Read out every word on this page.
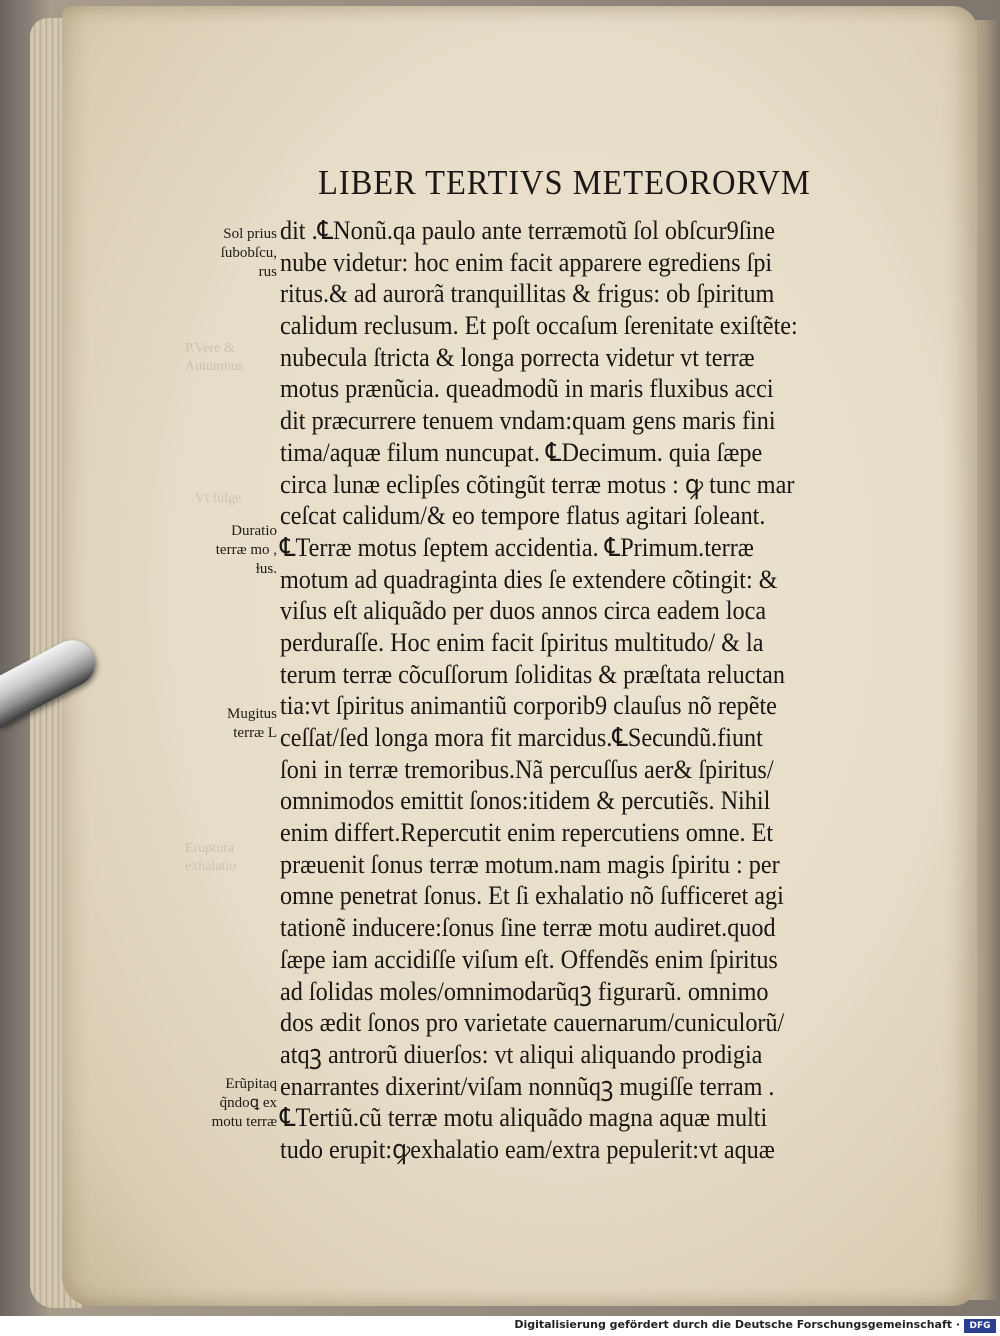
P.Vere &
Autumnus
Vt fulge
Eruptura
exhalatio
LIBER TERTIVS METEORORVM
dit .℄Nonũ.qa paulo ante terræmotũ ſol obſcur9ſine
nube videtur: hoc enim facit apparere egrediens ſpi
ritus.& ad aurorã tranquillitas & frigus: ob ſpiritum
calidum reclusum. Et poſt occaſum ſerenitate exiſtẽte:
nubecula ſtricta & longa porrecta videtur vt terræ
motus prænũcia. queadmodũ in maris fluxibus acci
dit præcurrere tenuem vndam:quam gens maris fini
tima/aquæ filum nuncupat. ℄Decimum. quia ſæpe
circa lunæ eclipſes cõtingũt terræ motus : ꝙ tunc mar
ceſcat calidum/& eo tempore flatus agitari ſoleant.
℄Terræ motus ſeptem accidentia. ℄Primum.terræ
motum ad quadraginta dies ſe extendere cõtingit: &
viſus eſt aliquãdo per duos annos circa eadem loca
perduraſſe. Hoc enim facit ſpiritus multitudo/ & la
terum terræ cõcuſſorum ſoliditas & præſtata reluctan
tia:vt ſpiritus animantiũ corporib9 clauſus nõ repẽte
ceſſat/ſed longa mora fit marcidus.℄Secundũ.fiunt
ſoni in terræ tremoribus.Nã percuſſus aer& ſpiritus/
omnimodos emittit ſonos:itidem & percutiẽs. Nihil
enim differt.Repercutit enim repercutiens omne. Et
præuenit ſonus terræ motum.nam magis ſpiritu : per
omne penetrat ſonus. Et ſi exhalatio nõ ſufficeret agi
tationẽ inducere:ſonus ſine terræ motu audiret.quod
ſæpe iam accidiſſe viſum eſt. Offendẽs enim ſpiritus
ad ſolidas moles/omnimodarũqꝫ figurarũ. omnimo
dos ædit ſonos pro varietate cauernarum/cuniculorũ/
atqꝫ antrorũ diuerſos: vt aliqui aliquando prodigia
enarrantes dixerint/viſam nonnũqꝫ mugiſſe terram .
℄Tertiũ.cũ terræ motu aliquãdo magna aquæ multi
tudo erupit:ꝙexhalatio eam/extra pepulerit:vt aquæ
Sol prius
ſubobſcu,
rus
Duratio
terræ mo ,
ɫus.
Mugitus
terræ L
Erũpitaq
q̃ndoꝗ ex
motu terræ
Digitalisierung gefördert durch die Deutsche Forschungsgemeinschaft ·	DFG
